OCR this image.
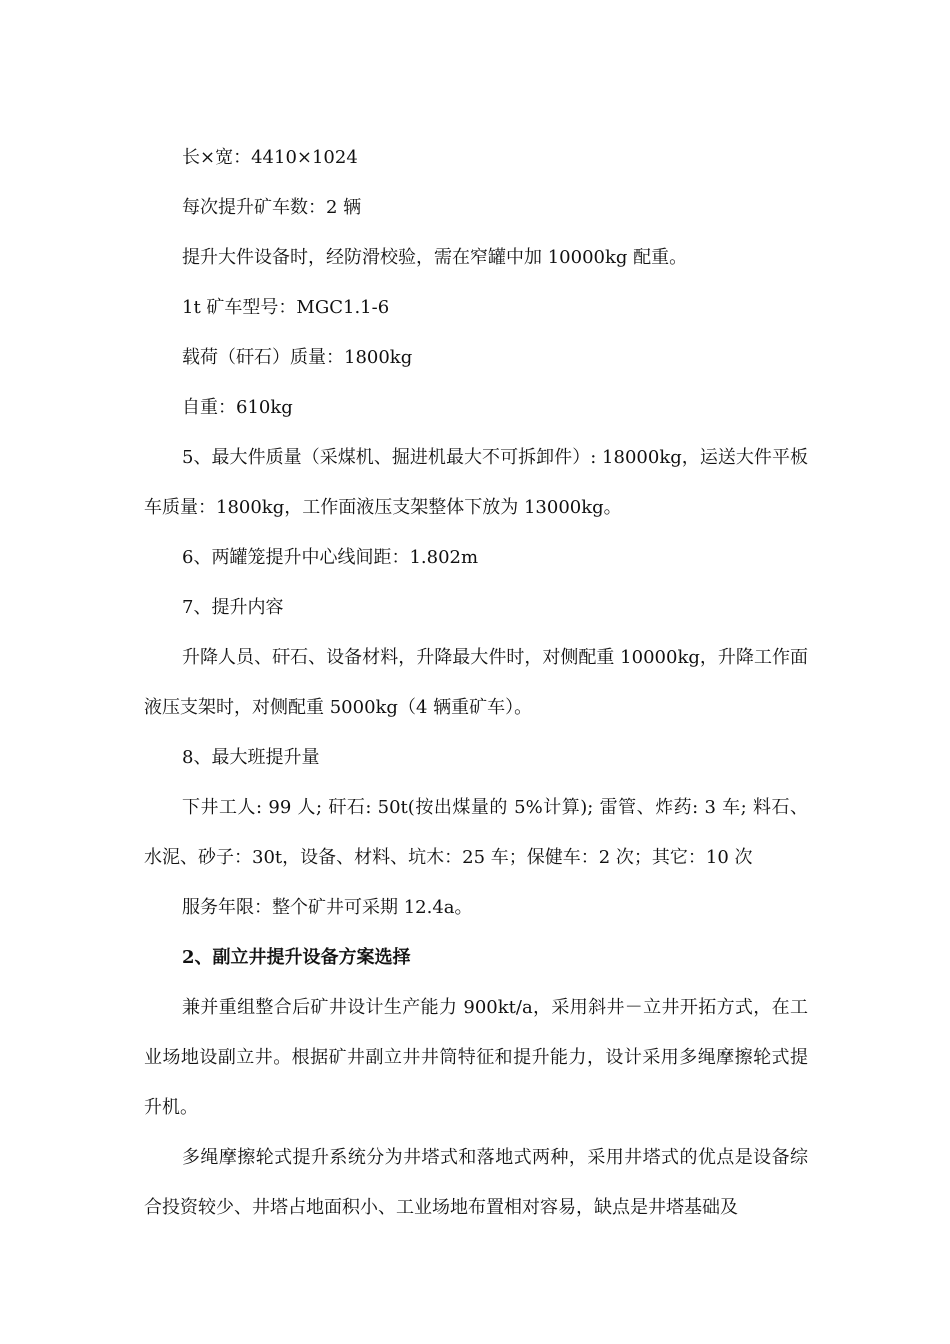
长×宽：4410×1024

每次提升矿车数：2 辆

提升大件设备时，经防滑校验，需在窄罐中加 10000kg 配重。

1t 矿车型号：MGC1.1-6

载荷（矸石）质量：1800kg

自重：610kg

5、最大件质量（采煤机、掘进机最大不可拆卸件）: 18000kg，运送大件平板车质量：1800kg，工作面液压支架整体下放为 13000kg。

6、两罐笼提升中心线间距：1.802m

7、提升内容

升降人员、矸石、设备材料，升降最大件时，对侧配重 10000kg，升降工作面液压支架时，对侧配重 5000kg（4 辆重矿车）。

8、最大班提升量

下井工人: 99 人; 矸石: 50t(按出煤量的 5%计算); 雷管、炸药: 3 车; 料石、水泥、砂子：30t，设备、材料、坑木：25 车；保健车：2 次；其它：10 次

服务年限：整个矿井可采期 12.4a。

2、副立井提升设备方案选择

兼并重组整合后矿井设计生产能力 900kt/a，采用斜井－立井开拓方式，在工业场地设副立井。根据矿井副立井井筒特征和提升能力，设计采用多绳摩擦轮式提升机。

多绳摩擦轮式提升系统分为井塔式和落地式两种，采用井塔式的优点是设备综合投资较少、井塔占地面积小、工业场地布置相对容易，缺点是井塔基础及
